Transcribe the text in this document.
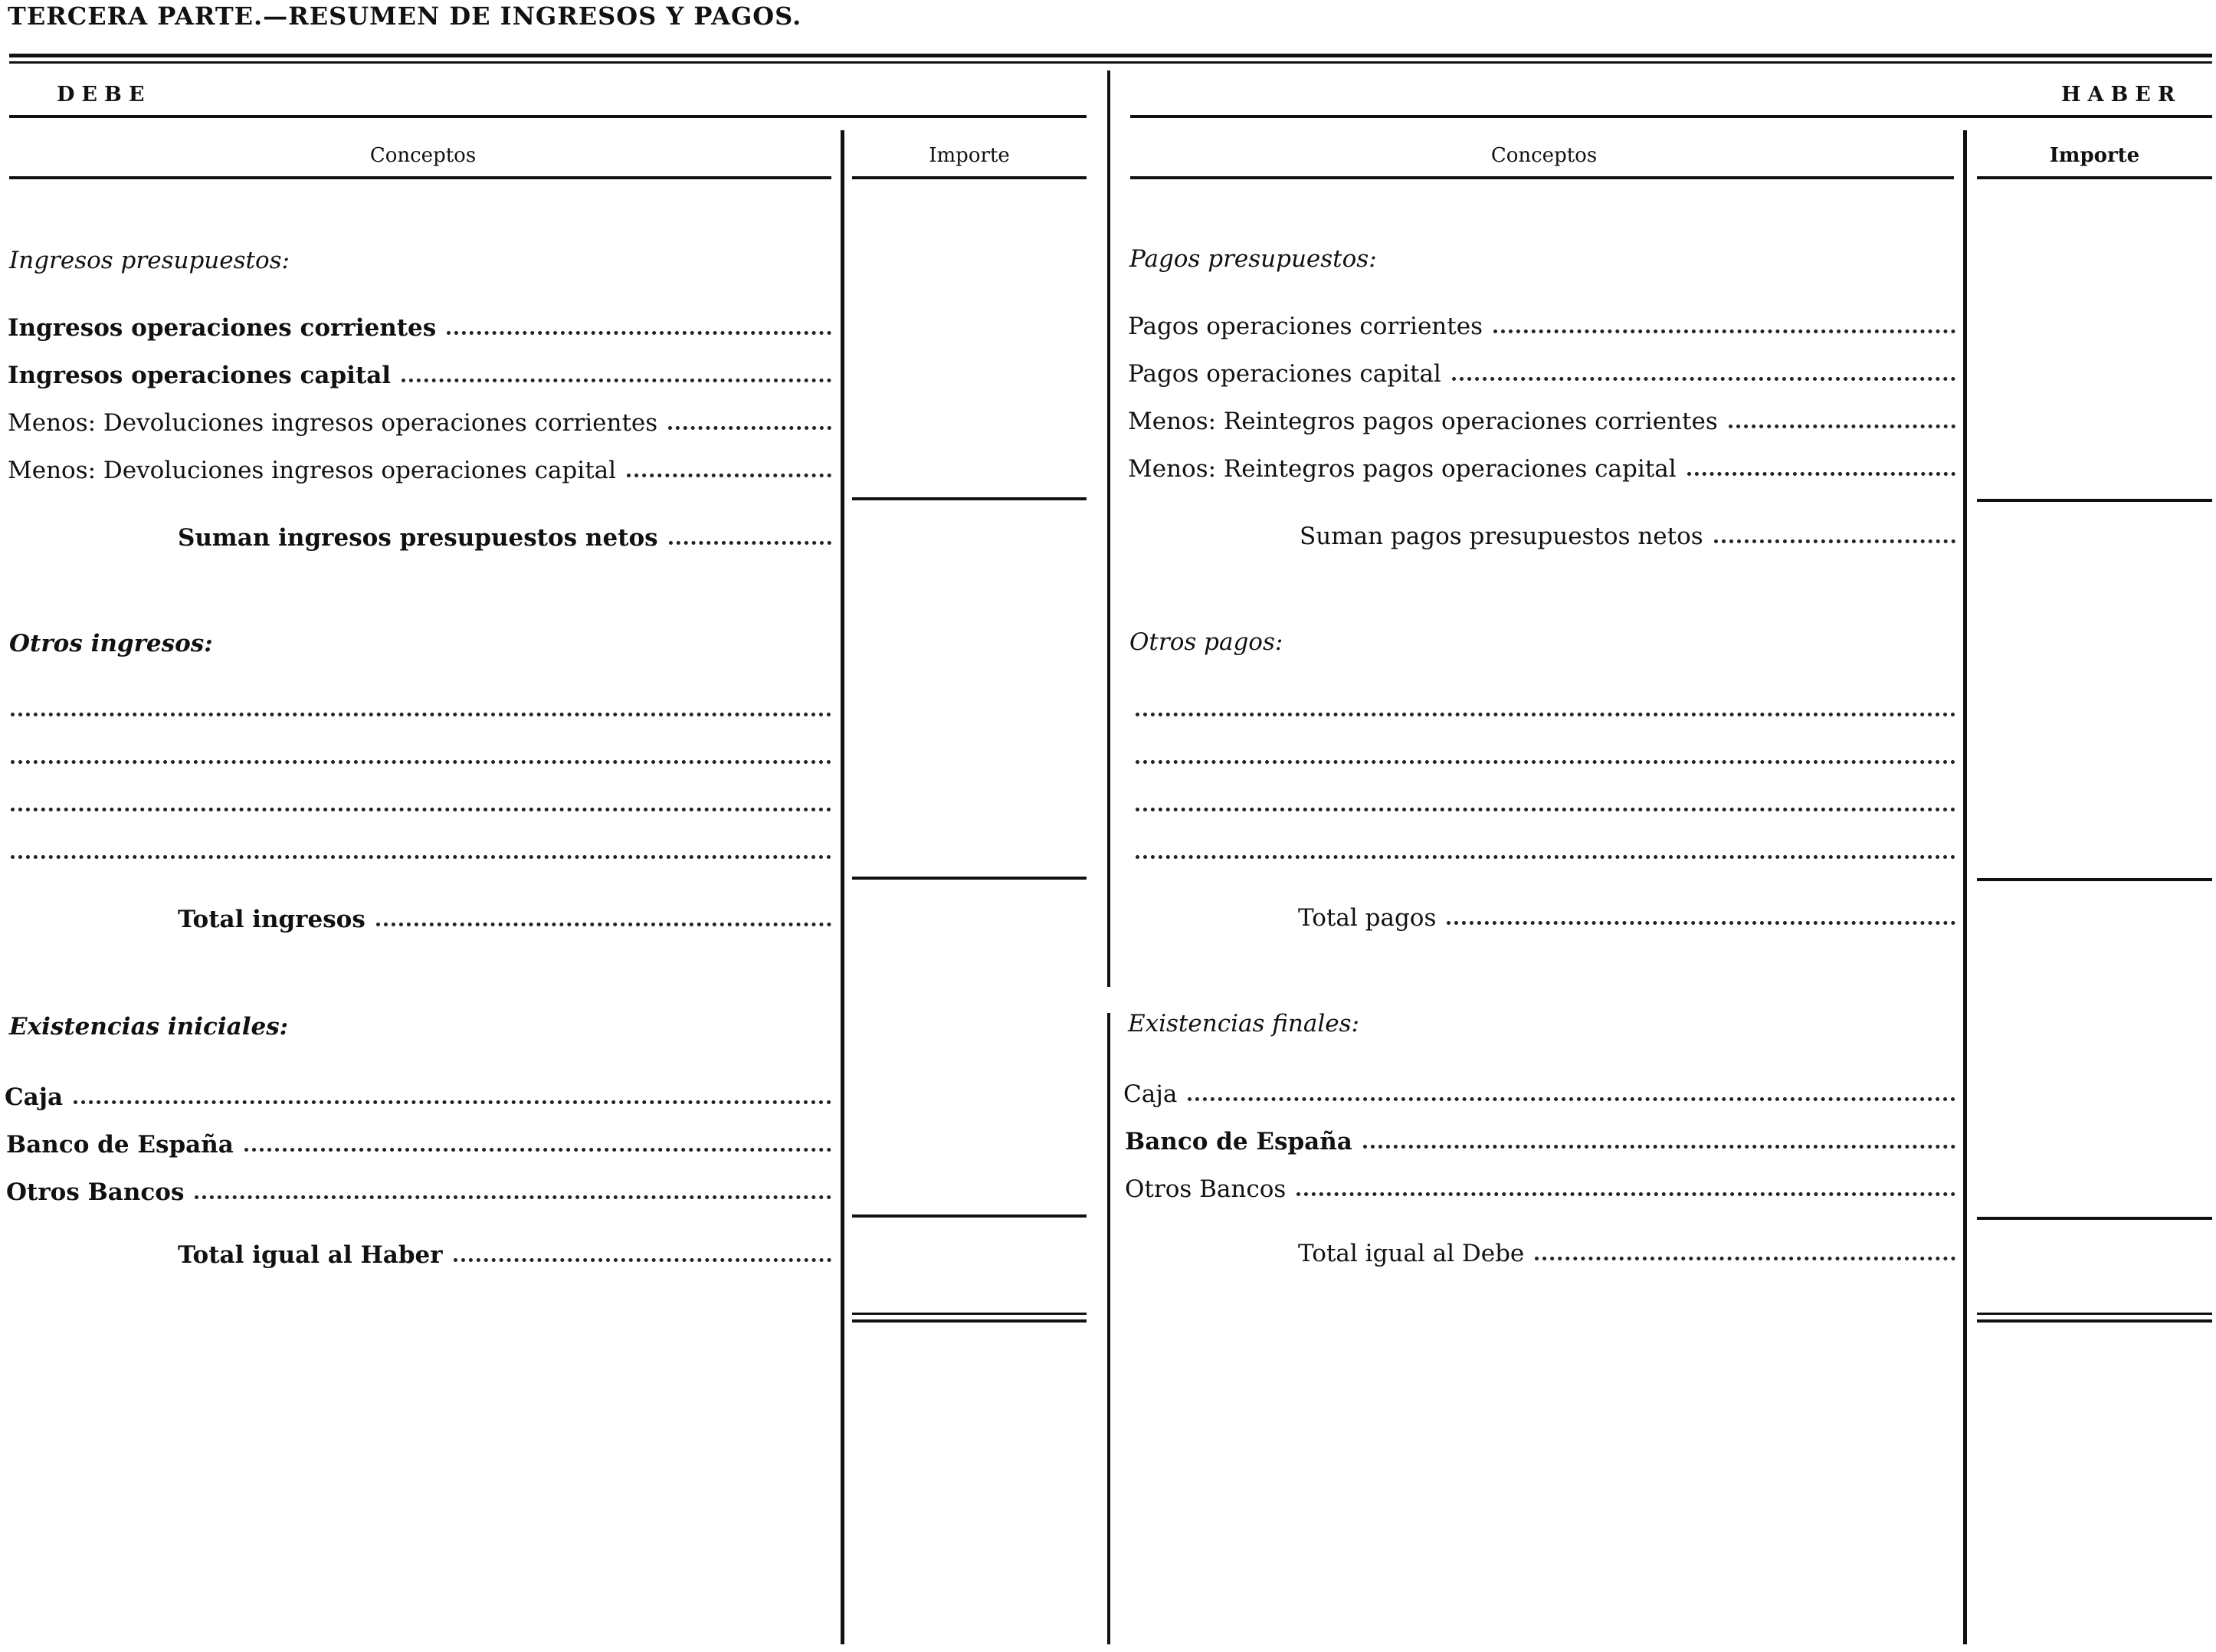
TERCERA PARTE.—RESUMEN DE INGRESOS Y PAGOS.
DEBE
Conceptos	Importe
Ingresos presupuestos:
Ingresos operaciones corrientes
Ingresos operaciones capital
Menos: Devoluciones ingresos operaciones corrientes
Menos: Devoluciones ingresos operaciones capital
Suman ingresos presupuestos netos
Otros ingresos:
Total ingresos
Existencias iniciales:
Caja
Banco de España
Otros Bancos
Total igual al Haber
HABER
Conceptos	Importe
Pagos presupuestos:
Pagos operaciones corrientes
Pagos operaciones capital
Menos: Reintegros pagos operaciones corrientes
Menos: Reintegros pagos operaciones capital
Suman pagos presupuestos netos
Otros pagos:
Total pagos
Existencias finales:
Caja
Banco de España
Otros Bancos
Total igual al Debe
